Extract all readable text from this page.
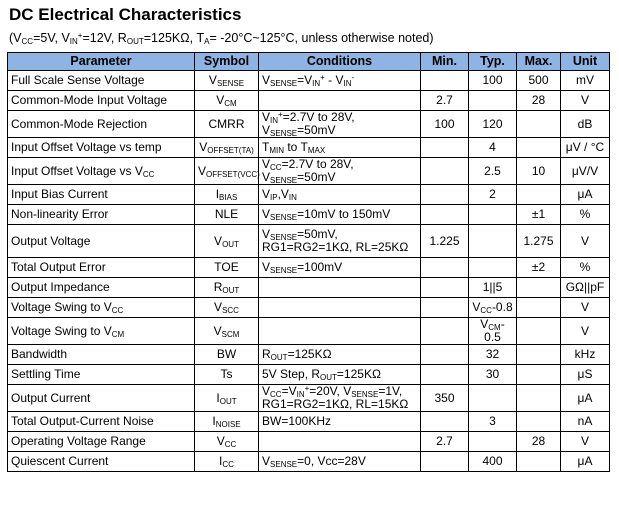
DC Electrical Characteristics
($V_{CC}=5V$, $V_{IN}^+=12V$, $R_{OUT}=125K\Omega$, $T_A=$ -20°C~125°C, unless otherwise noted)
Parameter	Symbol	Conditions	Min.	Typ.	Max.	Unit
Full Scale Sense Voltage	$V_{SENSE}$	$V_{SENSE}=V_{IN}^+ - V_{IN}^-$		100	500	mV
Common-Mode Input Voltage	$V_{CM}$		2.7		28	V
Common-Mode Rejection	CMRR	$V_{IN}^+=2.7V$ to 28V,
$V_{SENSE}=50mV$	100	120		dB
Input Offset Voltage vs temp	$V_{OFFSET(TA)}$	$T_{MIN}$ to $T_{MAX}$		4		μV / °C
Input Offset Voltage vs $V_{CC}$	$V_{OFFSET(VCC)}$	$V_{CC}=2.7V$ to 28V,
$V_{SENSE}=50mV$		2.5	10	μV/V
Input Bias Current	$I_{BIAS}$	$V_{IP},V_{IN}$		2		μA
Non-linearity Error	NLE	$V_{SENSE}=10mV$ to 150mV			±1	%
Output Voltage	$V_{OUT}$	$V_{SENSE}=50mV$,
RG1=RG2=1KΩ, RL=25KΩ	1.225		1.275	V
Total Output Error	TOE	$V_{SENSE}=100mV$			±2	%
Output Impedance	$R_{OUT}$			1||5		GΩ||pF
Voltage Swing to $V_{CC}$	$V_{SCC}$			$V_{CC}-0.8$		V
Voltage Swing to $V_{CM}$	$V_{SCM}$			$V_{CM}-0.5$		V
Bandwidth	BW	$R_{OUT}=125K\Omega$		32		kHz
Settling Time	Ts	5V Step, $R_{OUT}=125K\Omega$		30		μS
Output Current	$I_{OUT}$	$V_{CC}=V_{IN}^+=20V$, $V_{SENSE}=1V$,
RG1=RG2=1KΩ, RL=15KΩ	350			μA
Total Output-Current Noise	$I_{NOISE}$	BW=100KHz		3		nA
Operating Voltage Range	$V_{CC}$		2.7		28	V
Quiescent Current	$I_{CC}$	$V_{SENSE}=0$, Vcc=28V		400		μA
